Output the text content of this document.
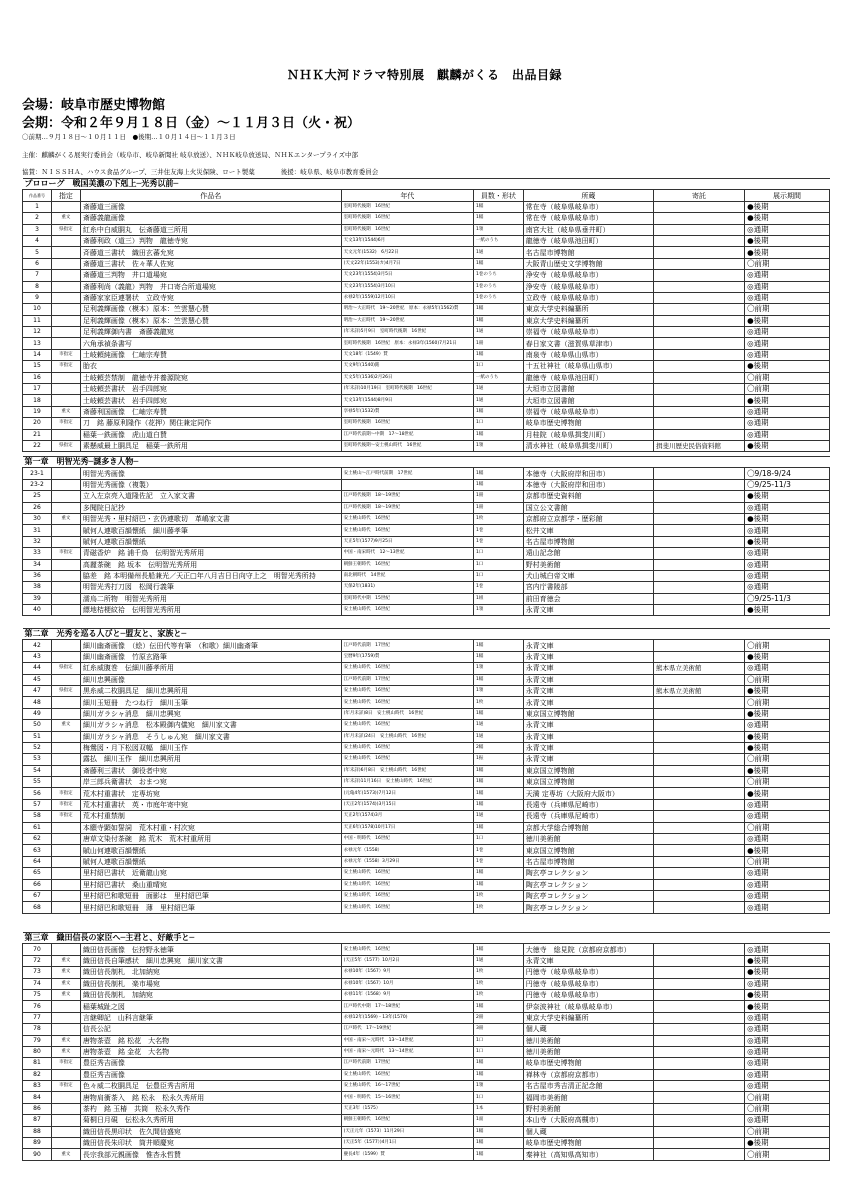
ＮＨＫ大河ドラマ特別展　麒麟がくる　出品目録
会場：岐阜市歴史博物館
会期：令和２年９月１８日（金）～１１月３日（火・祝）
〇前期…９月１８日～１０月１１日　●後期…１０月１４日～１１月３日
主催：麒麟がくる展実行委員会（岐阜市、岐阜新聞社 岐阜放送）、ＮＨＫ岐阜放送局、ＮＨＫエンタープライズ中部
協賛：ＮＩＳＳＨＡ、ハウス食品グループ、三井住友海上火災保険、ロート製薬　　　　後援：岐阜県、岐阜市教育委員会
プロローグ　戦国美濃の下剋上─光秀以前─							
作品番号	指定	作品名	年代	員数・形状	所蔵	寄託	展示期間
1		斎藤道三画像	室町時代後期　16世紀	1幅	常在寺（岐阜県岐阜市）		●後期
2	重文	斎藤義龍画像	室町時代後期　16世紀	1幅	常在寺（岐阜県岐阜市）		●後期
3	県指定	紅糸中白威胴丸　伝斎藤道三所用	室町時代後期　16世紀	1領	南宮大社（岐阜県垂井町）		◎通期
4		斎藤利政（道三）判物　龍徳寺宛	天文13年(1544)6月	一紙のうち	龍徳寺（岐阜県池田町）		●後期
5		斉藤道三書状　織田玄蕃允宛	天文元年(1532)　6月22日	1通	名古屋市博物館		●後期
6		斎藤道三書状　佐々華人佐宛	(天文22年(1553)カ)4月7日	1幅	大阪青山歴史文学博物館		〇前期
7		斎藤道三判物　井口道場宛	天文23年(1554)3月5日	1巻のうち	浄安寺（岐阜県岐阜市）		◎通期
8		斎藤利尚（義龍）判物　井口寄合所道場宛	天文23年(1554)3月10日	1巻のうち	浄安寺（岐阜県岐阜市）		◎通期
9		斎藤家家臣連署状　立政寺宛	永禄2年(1559)12月10日	1巻のうち	立政寺（岐阜県岐阜市）		◎通期
10		足利義輝画像（模本）原本：竺雲慧心賛	明治～大正時代　19～20世紀　原本：永禄5年(1562)賛	1幅	東京大学史料編纂所		〇前期
11		足利義輝画像（模本）原本：竺雲慧心賛	明治～大正時代　19～20世紀	1幅	東京大学史料編纂所		●後期
12		足利義輝御内書　斎藤義龍宛	(年未詳)5月9日　室町時代後期　16世紀	1通	崇福寺（岐阜県岐阜市）		◎通期
13		六角承禎条書写	室町時代後期　16世紀　原本：永禄3年(1560)7月21日	1冊	春日家文書（滋賀県草津市）		◎通期
14	市指定	土岐頼純画像　仁岫宗寿賛	天文18年（1549）賛	1幅	南泉寺（岐阜県山県市）		◎通期
15	市指定	胎衣	天文9年(1540)銘	1口	十五社神社（岐阜県山県市）		●後期
16		土岐頼芸禁制　龍徳寺并養源院宛	天文5年(1536)2月26日	一紙のうち	龍徳寺（岐阜県池田町）		〇前期
17		土岐頼芸書状　岩手四郎宛	(年未詳)10月19日　室町時代後期　16世紀	1通	大垣市立図書館		〇前期
18		土岐頼芸書状　岩手四郎宛	天文13年(1544)8月9日	1通	大垣市立図書館		●後期
19	重文	斎藤利国画像　仁岫宗寿賛	享禄5年(1532)賛	1幅	崇福寺（岐阜県岐阜市）		◎通期
20	市指定	刀　銘 藤原利隆作（花押）関住兼定同作	室町時代後期　16世紀	1口	岐阜市歴史博物館		◎通期
21		稲葉一鉄画像　虎山道白賛	江戸時代前期～中期　17～18世紀	1幅	月桂院（岐阜県揖斐川町）		◎通期
22	県指定	素懸威最上胴具足　稲葉一鉄所用	室町時代後期～安土桃山時代　16世紀	1領	清水神社（岐阜県揖斐川町）	揖斐川歴史民俗資料館	●後期
第一章　明智光秀─謎多き人物─							
23-1		明智光秀画像	安土桃山～江戸時代前期　17世紀	1幅	本徳寺（大阪府岸和田市）		〇9/18-9/24
23-2		明智光秀画像（複製）		1幅	本徳寺（大阪府岸和田市）		〇9/25-11/3
25		立入左京亮入道隆佐記　立入家文書	江戸時代後期　18～19世紀	1冊	京都市歴史資料館		●後期
26		多聞院日記抄	江戸時代後期　18～19世紀	1冊	国立公文書館		◎通期
30	重文	明智光秀・里村紹巴・玄仍連歌切　革嶋家文書	安土桃山時代　16世紀	1枚	京都府立京都学・歴彩館		●後期
31		賦何人連歌百韻懐紙　細川藤孝筆	安土桃山時代　16世紀	1巻	松井文庫		◎通期
32		賦何人連歌百韻懐紙	天正5年(1577)9月25日	1巻	名古屋市博物館		●後期
33	市指定	青磁香炉　銘 浦千鳥　伝明智光秀所用	中国・南宋時代　12～13世紀	1口	遠山記念館		◎通期
34		高麗茶碗　銘 坂本　伝明智光秀所用	朝鮮王朝時代　16世紀	1口	野村美術館		◎通期
36		脇差　銘 本明備州長船兼光／天正□年八月吉日日向守上之　明智光秀所持	南北朝時代　14世紀	1口	犬山城白帝文庫		◎通期
38		明智光秀打刀図　松岡行義筆	天保2年(1831)	1巻	宮内庁書陵部		◎通期
39		濡烏二所物　明智光秀所用	室町時代中期　15世紀	1組	前田育徳会		〇9/25-11/3
40		縹地桔梗紋袷　伝明智光秀所用	安土桃山時代　16世紀	1領	永青文庫		●後期
第二章　光秀を巡る人びと─盟友と、家族と─							
42		細川幽斎画像　（絵）伝田代等有筆　（和歌）細川幽斎筆	江戸時代前期　17世紀	1幅	永青文庫		〇前期
43		細川幽斎画像　竹原玄路筆	宝暦9年(1759)賛	1幅	永青文庫		●後期
44	県指定	紅糸威腹巻　伝細川藤孝所用	安土桃山時代　16世紀	1領	永青文庫	熊本県立美術館	◎通期
45		細川忠興画像	江戸時代前期　17世紀	1幅	永青文庫		〇前期
47	県指定	黒糸威二枚胴具足　細川忠興所用	安土桃山時代　16世紀	1領	永青文庫	熊本県立美術館	●後期
48		細川玉短冊　たつね行　細川玉筆	安土桃山時代　16世紀	1枚	永青文庫		〇前期
49		細川ガラシャ消息　細川忠興宛	(年月未詳)8日　安土桃山時代　16世紀	1幅	東京国立博物館		●後期
50	重文	細川ガラシャ消息　松本殿御内儀宛　細川家文書	安土桃山時代　16世紀	1通	永青文庫		◎通期
51		細川ガラシャ消息　そうしゅん宛　細川家文書	(年月未詳)24日　安土桃山時代　16世紀	1通	永青文庫		●後期
52		梅鶯図・月下松図双幅　細川玉作	安土桃山時代　16世紀	2幅	永青文庫		●後期
53		露払　細川玉作　細川忠興所用	安土桃山時代　16世紀	1振	永青文庫		〇前期
54		斎藤利三書状　御役者中宛	(年未詳)6月8日　安土桃山時代　16世紀	1幅	東京国立博物館		●後期
55		岸三郎兵衛書状　おまつ宛	(年未詳)11月16日　安土桃山時代　16世紀	1幅	東京国立博物館		〇前期
56	市指定	荒木村重書状　定専坊宛	(元亀4年(1573))7月12日	1幅	天満 定専坊（大阪府大阪市）		●後期
57	市指定	荒木村重書状　英・市庭年寄中宛	(天正2年(1574))3月15日	1幅	長遠寺（兵庫県尼崎市）		◎通期
58	市指定	荒木村重禁制	天正2年(1574)3月	1通	長遠寺（兵庫県尼崎市）		◎通期
61		本願寺顕如誓詞　荒木村重・村次宛	天正6年(1578)10月17日	1幅	京都大学総合博物館		〇前期
62		唐草文染付茶碗　銘 荒木　荒木村重所用	中国・明時代　16世紀	1口	徳川美術館		◎通期
63		賦山何連歌百韻懐紙	永禄元年（1558）	1巻	東京国立博物館		●後期
64		賦何人連歌百韻懐紙	永禄元年（1558）3月29日	1巻	名古屋市博物館		〇前期
65		里村紹巴書状　近衛龍山宛	安土桃山時代　16世紀	1幅	陶玄亭コレクション		◎通期
66		里村紹巴書状　桑山重晴宛	安土桃山時代　16世紀	1幅	陶玄亭コレクション		◎通期
67		里村紹巴和歌短冊　面影は　里村紹巴筆	安土桃山時代　16世紀	1枚	陶玄亭コレクション		◎通期
68		里村紹巴和歌短冊　薄　里村紹巴筆	安土桃山時代　16世紀	1枚	陶玄亭コレクション		◎通期
第三章　織田信長の家臣へ─主君と、好敵手と─							
70		織田信長画像　伝狩野永徳筆	安土桃山時代　16世紀	1幅	大徳寺　総見院（京都府京都市）		◎通期
72	重文	織田信長自筆感状　細川忠興宛　細川家文書	(天正5年（1577）10月2日	1通	永青文庫		●後期
73	重文	織田信長制札　北加納宛	永禄10年（1567）9月	1枚	円徳寺（岐阜県岐阜市）		●後期
74	重文	織田信長制札　楽市場宛	永禄10年（1567）10月	1枚	円徳寺（岐阜県岐阜市）		◎通期
75	重文	織田信長制札　加納宛	永禄11年（1568）9月	1枚	円徳寺（岐阜県岐阜市）		●後期
76		稲葉城趾之図	江戸時代中期　17～18世紀	1幅	伊奈波神社（岐阜県岐阜市）		●後期
77		言継卿記　山科言継筆	永禄12年(1569)・13年(1570)	2冊	東京大学史料編纂所		◎通期
78		信長公記	江戸時代　17～19世紀	3冊	個人蔵		◎通期
79	重文	唐物茶壺　銘 松花　大名物	中国・南宋～元時代　13～14世紀	1口	徳川美術館		◎通期
80	重文	唐物茶壺　銘 金花　大名物	中国・南宋～元時代　13～14世紀	1口	徳川美術館		◎通期
81	市指定	豊臣秀吉画像	江戸時代前期　17世紀	1幅	岐阜市歴史博物館		◎通期
82		豊臣秀吉画像	安土桃山時代　16世紀	1幅	禅林寺（京都府京都市）		◎通期
83	市指定	色々威二枚胴具足　伝豊臣秀吉所用	安土桃山時代　16～17世紀	1領	名古屋市秀吉清正記念館		◎通期
84		唐物肩衝茶入　銘 松永　松永久秀所用	中国・明時代　15～16世紀	1口	福岡市美術館		〇前期
86		茶杓　銘 玉椿　共筒　松永久秀作	天正3年（1575）	1本	野村美術館		〇前期
87		菊桐日月硯　伝松永久秀所用	朝鮮王朝時代　16世紀	1面	本山寺（大阪府高槻市）		◎通期
88		織田信長黒印状　佐久間信盛宛	(天正元年（1573）11月29日	1幅	個人蔵		〇前期
89		織田信長朱印状　筒井順慶宛	(天正5年（1577）)4月1日	1幅	岐阜市歴史博物館		●後期
90	重文	長宗我部元親画像　惟杏永哲賛	慶長4年（1599）賛	1幅	秦神社（高知県高知市）		〇前期
